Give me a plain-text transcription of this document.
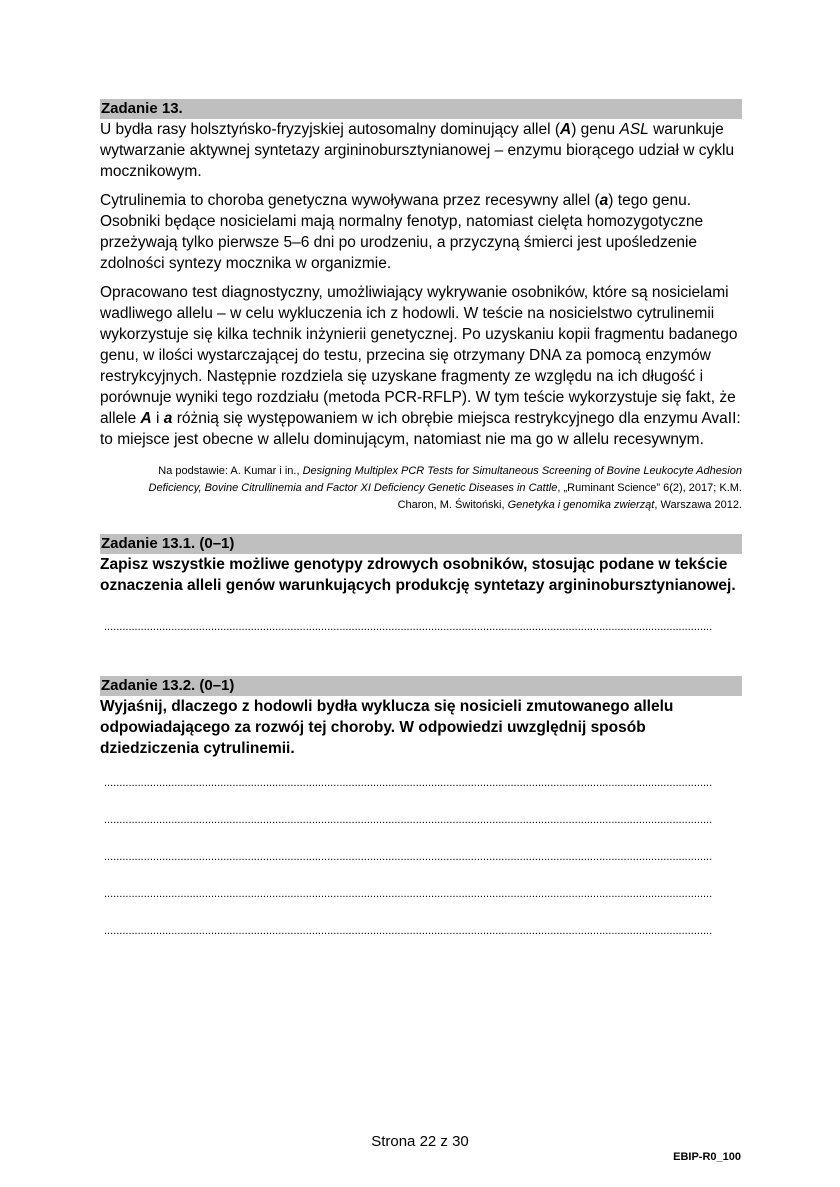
Zadanie 13.

U bydła rasy holsztyńsko-fryzyjskiej autosomalny dominujący allel (A) genu ASL warunkuje wytwarzanie aktywnej syntetazy argininobursztynianowej – enzymu biorącego udział w cyklu mocznikowym.

Cytrulinemia to choroba genetyczna wywoływana przez recesywny allel (a) tego genu. Osobniki będące nosicielami mają normalny fenotyp, natomiast cielęta homozygotyczne przeżywają tylko pierwsze 5–6 dni po urodzeniu, a przyczyną śmierci jest upośledzenie zdolności syntezy mocznika w organizmie.

Opracowano test diagnostyczny, umożliwiający wykrywanie osobników, które są nosicielami wadliwego allelu – w celu wykluczenia ich z hodowli. W teście na nosicielstwo cytrulinemii wykorzystuje się kilka technik inżynierii genetycznej. Po uzyskaniu kopii fragmentu badanego genu, w ilości wystarczającej do testu, przecina się otrzymany DNA za pomocą enzymów restrykcyjnych. Następnie rozdziela się uzyskane fragmenty ze względu na ich długość i porównuje wyniki tego rozdziału (metoda PCR-RFLP). W tym teście wykorzystuje się fakt, że allele A i a różnią się występowaniem w ich obrębie miejsca restrykcyjnego dla enzymu AvaII: to miejsce jest obecne w allelu dominującym, natomiast nie ma go w allelu recesywnym.

Na podstawie: A. Kumar i in., Designing Multiplex PCR Tests for Simultaneous Screening of Bovine Leukocyte Adhesion Deficiency, Bovine Citrullinemia and Factor XI Deficiency Genetic Diseases in Cattle, „Ruminant Science” 6(2), 2017; K.M. Charon, M. Świtoński, Genetyka i genomika zwierząt, Warszawa 2012.
Zadanie 13.1. (0–1)
Zapisz wszystkie możliwe genotypy zdrowych osobników, stosując podane w tekście oznaczenia alleli genów warunkujących produkcję syntetazy argininobursztynianowej.
.......................................................................................................................................................................................................
Zadanie 13.2. (0–1)
Wyjaśnij, dlaczego z hodowli bydła wyklucza się nosicieli zmutowanego allelu odpowiadającego za rozwój tej choroby. W odpowiedzi uwzględnij sposób dziedziczenia cytrulinemii.
.......................................................................................................................................................................................................
.......................................................................................................................................................................................................
.......................................................................................................................................................................................................
.......................................................................................................................................................................................................
.......................................................................................................................................................................................................
Strona 22 z 30
EBIP-R0_100
